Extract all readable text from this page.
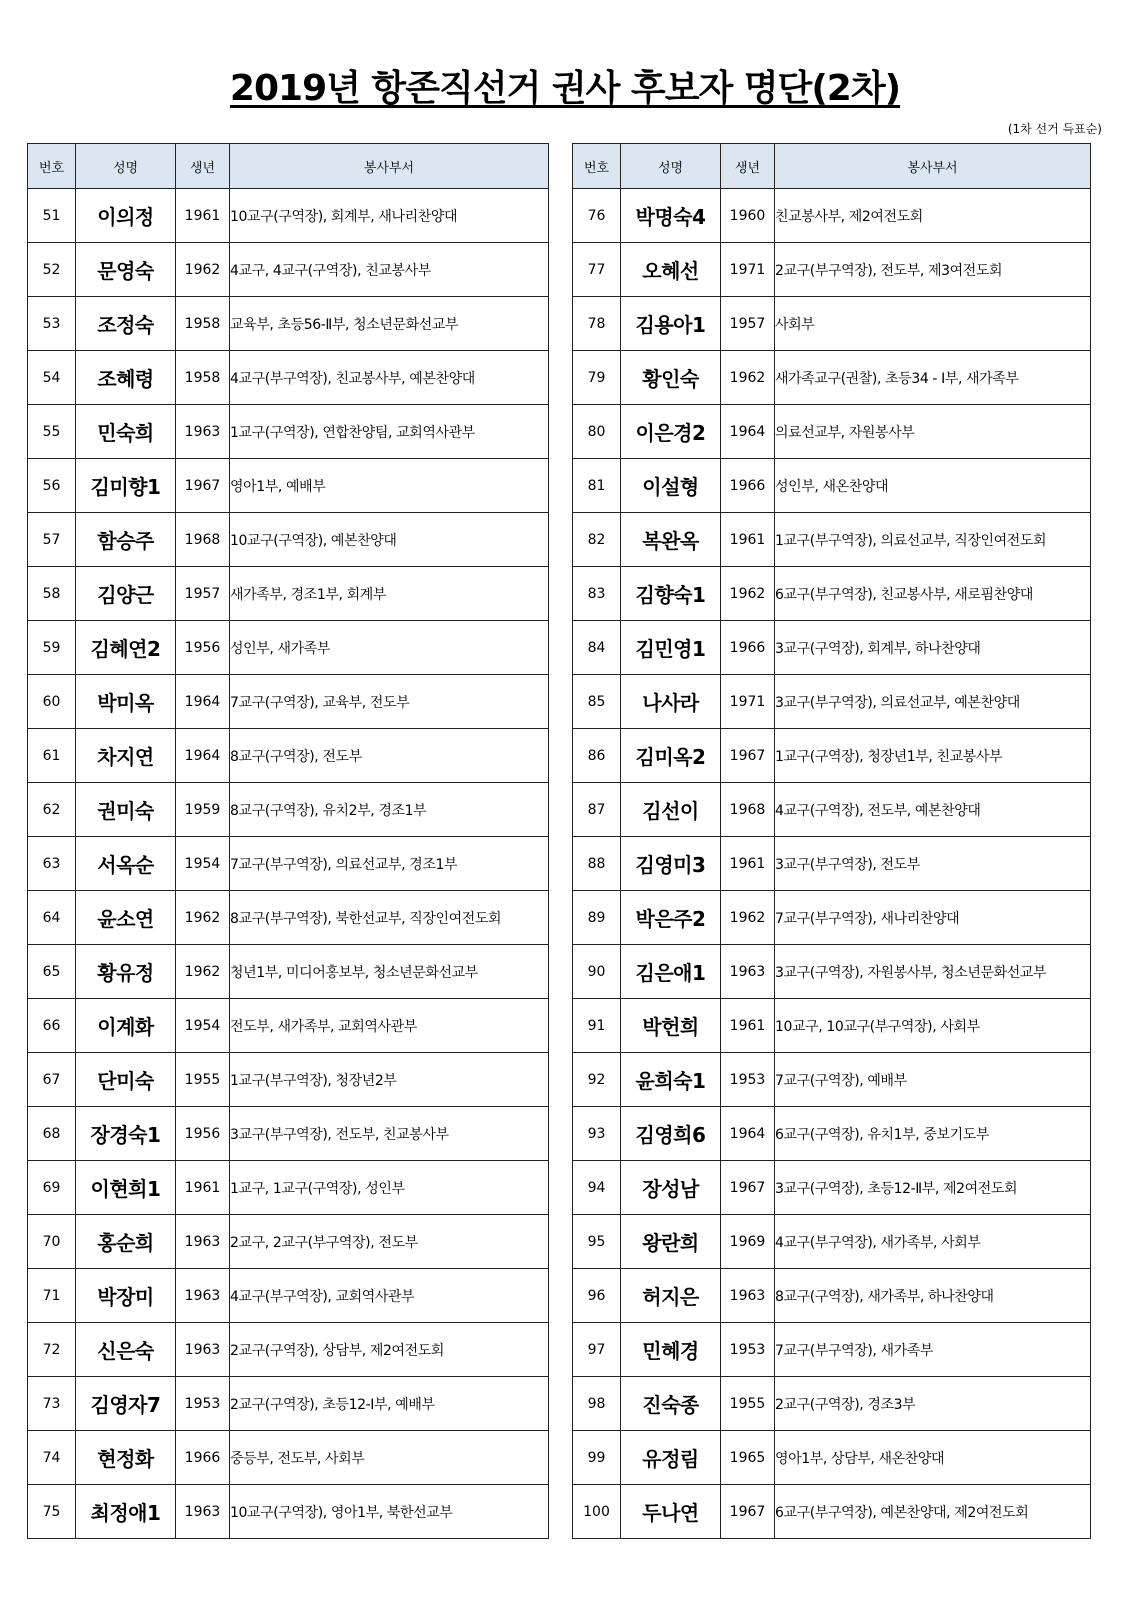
2019년 항존직선거 권사 후보자 명단(2차)
(1차 선거 득표순)
번호	성명	생년	봉사부서
51	이의정	1961	10교구(구역장), 회계부, 새나리찬양대
52	문영숙	1962	4교구, 4교구(구역장), 친교봉사부
53	조정숙	1958	교육부, 초등56-Ⅱ부, 청소년문화선교부
54	조혜령	1958	4교구(부구역장), 친교봉사부, 예본찬양대
55	민숙희	1963	1교구(구역장), 연합찬양팀, 교회역사관부
56	김미향1	1967	영아1부, 예배부
57	함승주	1968	10교구(구역장), 예본찬양대
58	김양근	1957	새가족부, 경조1부, 회계부
59	김혜연2	1956	성인부, 새가족부
60	박미옥	1964	7교구(구역장), 교육부, 전도부
61	차지연	1964	8교구(구역장), 전도부
62	권미숙	1959	8교구(구역장), 유치2부, 경조1부
63	서옥순	1954	7교구(부구역장), 의료선교부, 경조1부
64	윤소연	1962	8교구(부구역장), 북한선교부, 직장인여전도회
65	황유정	1962	청년1부, 미디어홍보부, 청소년문화선교부
66	이계화	1954	전도부, 새가족부, 교회역사관부
67	단미숙	1955	1교구(부구역장), 청장년2부
68	장경숙1	1956	3교구(부구역장), 전도부, 친교봉사부
69	이현희1	1961	1교구, 1교구(구역장), 성인부
70	홍순희	1963	2교구, 2교구(부구역장), 전도부
71	박장미	1963	4교구(부구역장), 교회역사관부
72	신은숙	1963	2교구(구역장), 상담부, 제2여전도회
73	김영자7	1953	2교구(구역장), 초등12-Ⅰ부, 예배부
74	현정화	1966	중등부, 전도부, 사회부
75	최정애1	1963	10교구(구역장), 영아1부, 북한선교부
번호	성명	생년	봉사부서
76	박명숙4	1960	친교봉사부, 제2여전도회
77	오혜선	1971	2교구(부구역장), 전도부, 제3여전도회
78	김용아1	1957	사회부
79	황인숙	1962	새가족교구(권찰), 초등34 - Ⅰ부, 새가족부
80	이은경2	1964	의료선교부, 자원봉사부
81	이설형	1966	성인부, 새온찬양대
82	복완옥	1961	1교구(부구역장), 의료선교부, 직장인여전도회
83	김향숙1	1962	6교구(부구역장), 친교봉사부, 새로핌찬양대
84	김민영1	1966	3교구(구역장), 회계부, 하나찬양대
85	나사라	1971	3교구(부구역장), 의료선교부, 예본찬양대
86	김미옥2	1967	1교구(구역장), 청장년1부, 친교봉사부
87	김선이	1968	4교구(구역장), 전도부, 예본찬양대
88	김영미3	1961	3교구(부구역장), 전도부
89	박은주2	1962	7교구(부구역장), 새나리찬양대
90	김은애1	1963	3교구(구역장), 자원봉사부, 청소년문화선교부
91	박헌희	1961	10교구, 10교구(부구역장), 사회부
92	윤희숙1	1953	7교구(구역장), 예배부
93	김영희6	1964	6교구(구역장), 유치1부, 중보기도부
94	장성남	1967	3교구(구역장), 초등12-Ⅱ부, 제2여전도회
95	왕란희	1969	4교구(부구역장), 새가족부, 사회부
96	허지은	1963	8교구(구역장), 새가족부, 하나찬양대
97	민혜경	1953	7교구(부구역장), 새가족부
98	진숙종	1955	2교구(구역장), 경조3부
99	유정림	1965	영아1부, 상담부, 새온찬양대
100	두나연	1967	6교구(부구역장), 예본찬양대, 제2여전도회
